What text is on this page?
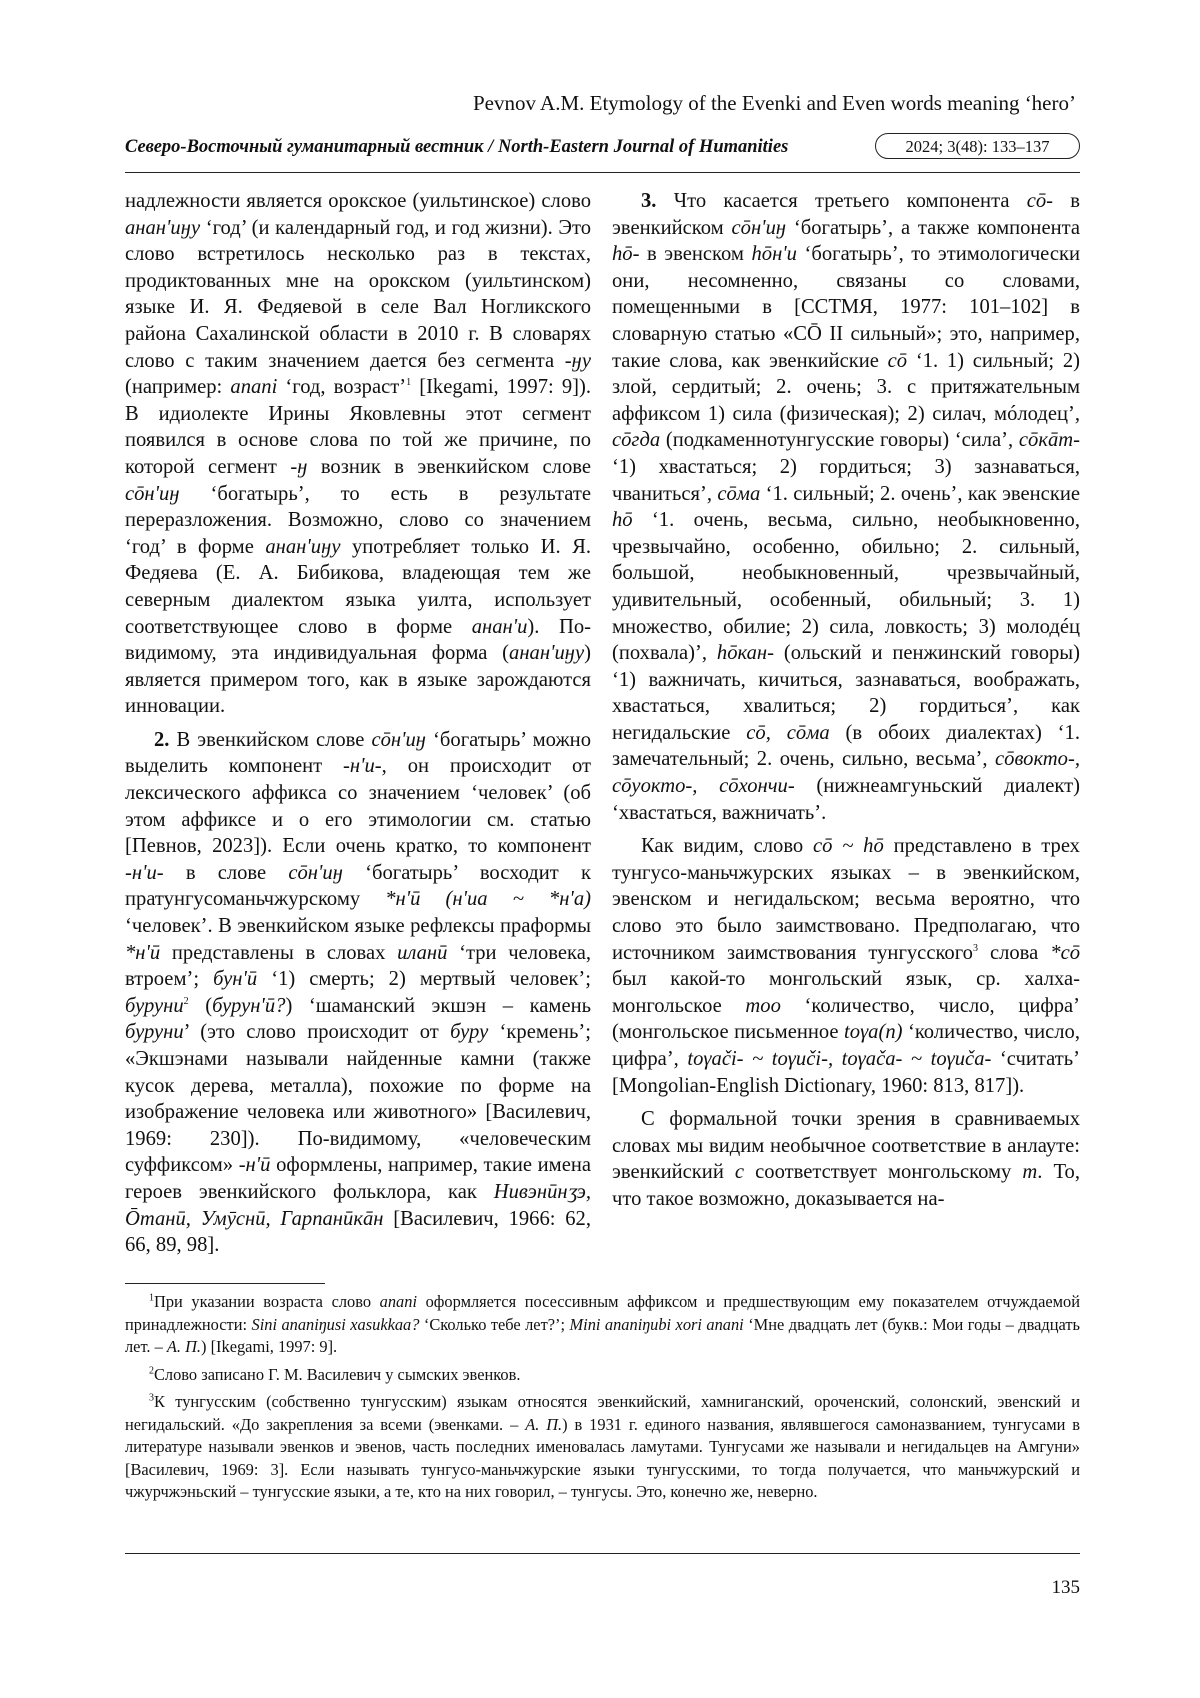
Pevnov A.M. Etymology of the Evenki and Even words meaning ‘hero’
Северо-Восточный гуманитарный вестник / North-Eastern Journal of Humanities	2024; 3(48): 133–137

надлежности является орокское (уильтинское) слово анан'иӈу ‘год’ (и календарный год, и год жизни). Это слово встретилось несколько раз в текстах, продиктованных мне на орокском (уильтинском) языке И. Я. Федяевой в селе Вал Ногликского района Сахалинской области в 2010 г. В словарях слово с таким значением дается без сегмента -ӈу (например: anani ‘год, возраст’$^1$ [Ikegami, 1997: 9]). В идиолекте Ирины Яковлевны этот сегмент появился в основе слова по той же причине, по которой сегмент -ӈ возник в эвенкийском слове сōн'иӈ ‘богатырь’, то есть в результате переразложения. Возможно, слово со значением ‘год’ в форме анан'иӈу употребляет только И. Я. Федяева (Е. А. Бибикова, владеющая тем же северным диалектом языка уилта, использует соответствующее слово в форме анан'и). По-видимому, эта индивидуальная форма (анан'иӈу) является примером того, как в языке зарождаются инновации.

2. В эвенкийском слове сōн'иӈ ‘богатырь’ можно выделить компонент -н'и-, он происходит от лексического аффикса со значением ‘человек’ (об этом аффиксе и о его этимологии см. статью [Певнов, 2023]). Если очень кратко, то компонент -н'и- в слове сōн'иӈ ‘богатырь’ восходит к пратунгусоманьчжурскому *н'ӣ (н'иа ~ *н'а) ‘человек’. В эвенкийском языке рефлексы праформы *н'ӣ представлены в словах иланӣ ‘три человека, втроем’; бун'ӣ ‘1) смерть; 2) мертвый человек’; буруни$^2$ (бурун'ӣ?) ‘шаманский экшэн – камень буруни’ (это слово происходит от буру ‘кремень’; «Экшэнами называли найденные камни (также кусок дерева, металла), похожие по форме на изображение человека или животного» [Василевич, 1969: 230]). По-видимому, «человеческим суффиксом» -н'ӣ оформлены, например, такие имена героев эвенкийского фольклора, как Нивэнӣнӡэ, Ōтанӣ, Умӯснӣ, Гарпанӣкāн [Василевич, 1966: 62, 66, 89, 98].

3. Что касается третьего компонента сō- в эвенкийском сōн'иӈ ‘богатырь’, а также компонента hō- в эвенском hōн'и ‘богатырь’, то этимологически они, несомненно, связаны со словами, помещенными в [ССТМЯ, 1977: 101–102] в словарную статью «СŌ II сильный»; это, например, такие слова, как эвенкийские сō ‘1. 1) сильный; 2) злой, сердитый; 2. очень; 3. с притяжательным аффиксом 1) сила (физическая); 2) силач, мóлодец’, сōгда (подкаменнотунгусские говоры) ‘сила’, сōкāт- ‘1) хвастаться; 2) гордиться; 3) зазнаваться, чваниться’, сōма ‘1. сильный; 2. очень’, как эвенские hō ‘1. очень, весьма, сильно, необыкновенно, чрезвычайно, особенно, обильно; 2. сильный, большой, необыкновенный, чрезвычайный, удивительный, особенный, обильный; 3. 1) множество, обилие; 2) сила, ловкость; 3) молодéц (похвала)’, hōкан- (ольский и пенжинский говоры) ‘1) важничать, кичиться, зазнаваться, воображать, хвастаться, хвалиться; 2) гордиться’, как негидальские сō, сōма (в обоих диалектах) ‘1. замечательный; 2. очень, сильно, весьма’, сōвокто-, сōуокто-, сōхончи- (нижнеамгуньский диалект) ‘хвастаться, важничать’.

Как видим, слово сō ~ hō представлено в трех тунгусо-маньчжурских языках – в эвенкийском, эвенском и негидальском; весьма вероятно, что слово это было заимствовано. Предполагаю, что источником заимствования тунгусского$^3$ слова *сō был какой-то монгольский язык, ср. халха-монгольское тоо ‘количество, число, цифра’ (монгольское письменное toγa(n) ‘количество, число, цифра’, toγači- ~ toγuči-, toγača- ~ toγuča- ‘считать’ [Mongolian-English Dictionary, 1960: 813, 817]).

С формальной точки зрения в сравниваемых словах мы видим необычное соответствие в анлауте: эвенкийский с соответствует монгольскому т. То, что такое возможно, доказывается на-

$^1$При указании возраста слово anani оформляется посессивным аффиксом и предшествующим ему показателем отчуждаемой принадлежности: Sini ananiŋusi xasukkaa? ‘Сколько тебе лет?’; Mini ananiŋubi xori anani ‘Мне двадцать лет (букв.: Мои годы – двадцать лет. – А. П.) [Ikegami, 1997: 9].

$^2$Слово записано Г. М. Василевич у сымских эвенков.

$^3$К тунгусским (собственно тунгусским) языкам относятся эвенкийский, хамниганский, ороченский, солонский, эвенский и негидальский. «До закрепления за всеми (эвенками. – А. П.) в 1931 г. единого названия, являвшегося самоназванием, тунгусами в литературе называли эвенков и эвенов, часть последних именовалась ламутами. Тунгусами же называли и негидальцев на Амгуни» [Василевич, 1969: 3]. Если называть тунгусо-маньчжурские языки тунгусскими, то тогда получается, что маньчжурский и чжурчжэньский – тунгусские языки, а те, кто на них говорил, – тунгусы. Это, конечно же, неверно.

135
